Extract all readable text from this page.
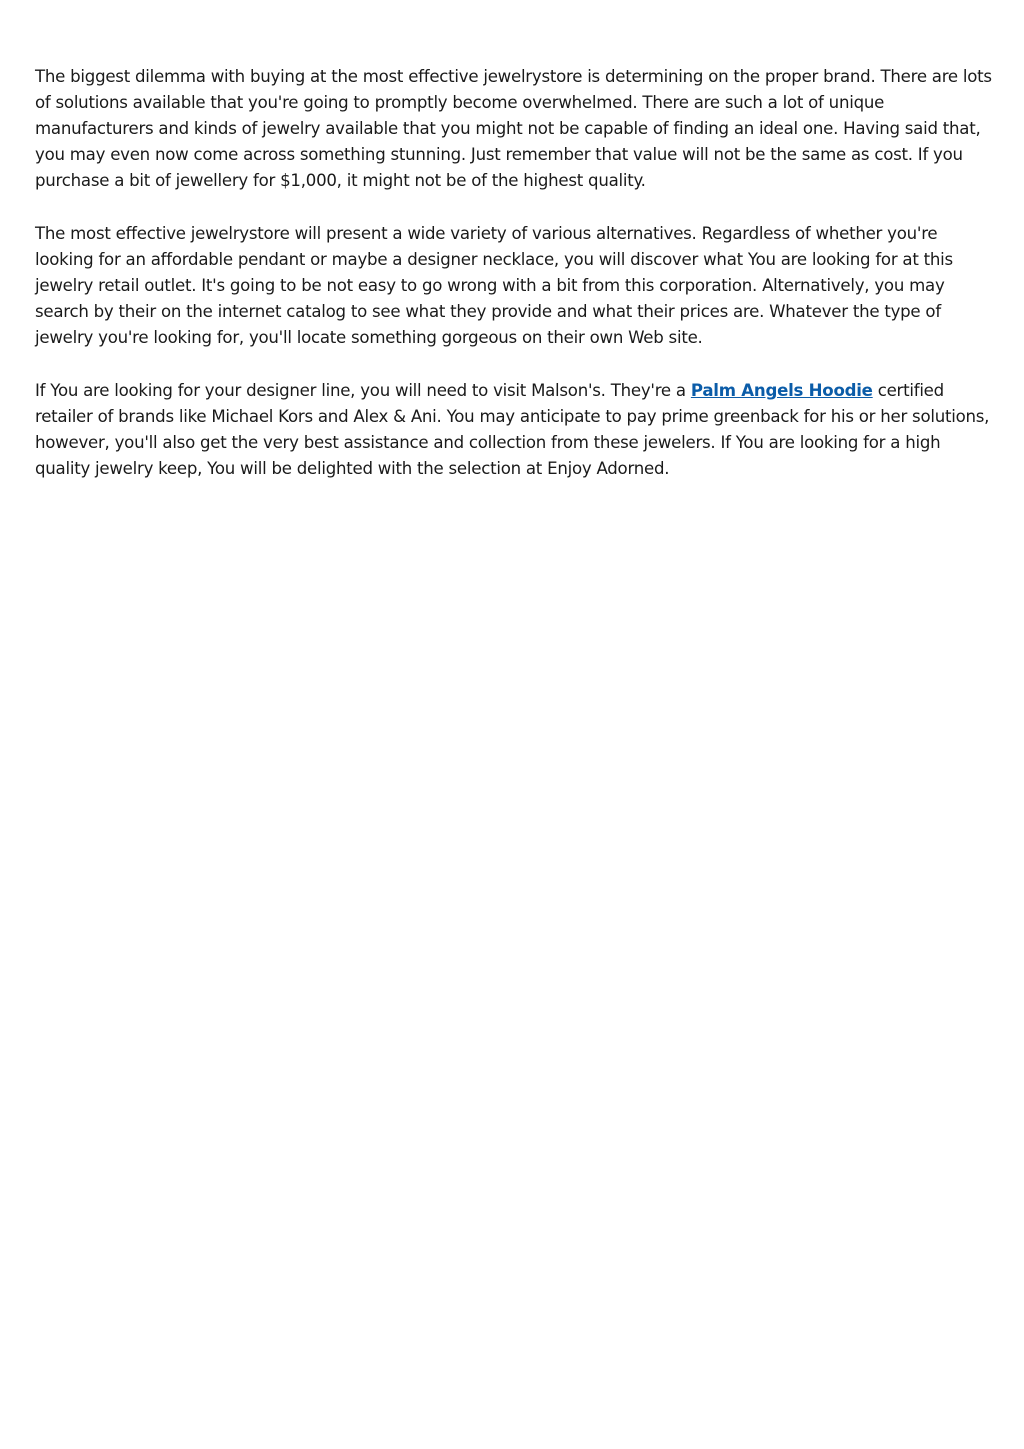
The biggest dilemma with buying at the most effective jewelrystore is determining on the proper brand. There are lots of solutions available that you're going to promptly become overwhelmed. There are such a lot of unique manufacturers and kinds of jewelry available that you might not be capable of finding an ideal one. Having said that, you may even now come across something stunning. Just remember that value will not be the same as cost. If you purchase a bit of jewellery for $1,000, it might not be of the highest quality.

The most effective jewelrystore will present a wide variety of various alternatives. Regardless of whether you're looking for an affordable pendant or maybe a designer necklace, you will discover what You are looking for at this jewelry retail outlet. It's going to be not easy to go wrong with a bit from this corporation. Alternatively, you may search by their on the internet catalog to see what they provide and what their prices are. Whatever the type of jewelry you're looking for, you'll locate something gorgeous on their own Web site.

If You are looking for your designer line, you will need to visit Malson's. They're a Palm Angels Hoodie certified retailer of brands like Michael Kors and Alex & Ani. You may anticipate to pay prime greenback for his or her solutions, however, you'll also get the very best assistance and collection from these jewelers. If You are looking for a high quality jewelry keep, You will be delighted with the selection at Enjoy Adorned.
